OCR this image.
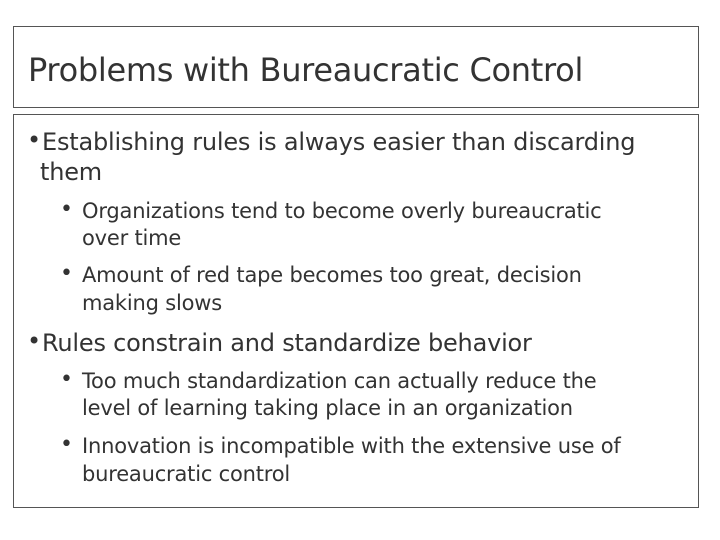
Problems with Bureaucratic Control
• Establishing rules is always easier than discarding
them
• Organizations tend to become overly bureaucratic
over time
• Amount of red tape becomes too great, decision
making slows
• Rules constrain and standardize behavior
• Too much standardization can actually reduce the
level of learning taking place in an organization
• Innovation is incompatible with the extensive use of
bureaucratic control
